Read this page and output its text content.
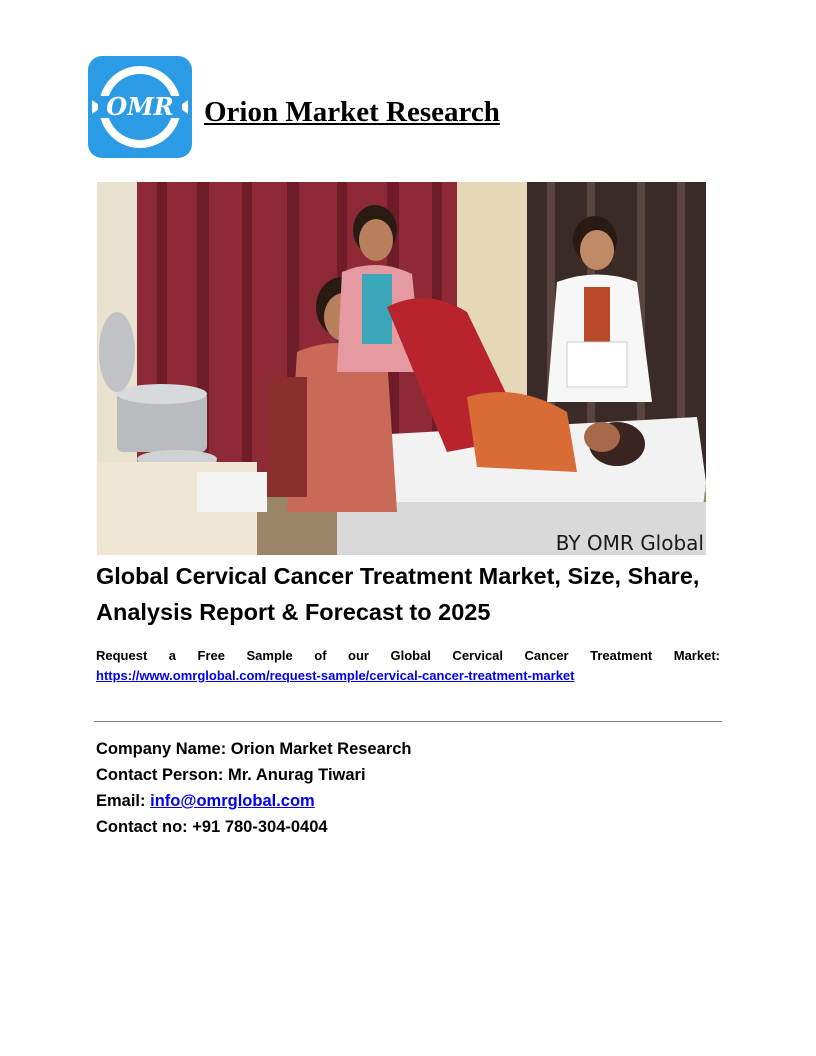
OMR Orion Market Research
BY OMR Global
Global Cervical Cancer Treatment Market, Size, Share, Analysis Report & Forecast to 2025
Request a Free Sample of our Global Cervical Cancer Treatment Market:
https://www.omrglobal.com/request-sample/cervical-cancer-treatment-market
Company Name: Orion Market Research
Contact Person: Mr. Anurag Tiwari
Email: info@omrglobal.com
Contact no: +91 780-304-0404
